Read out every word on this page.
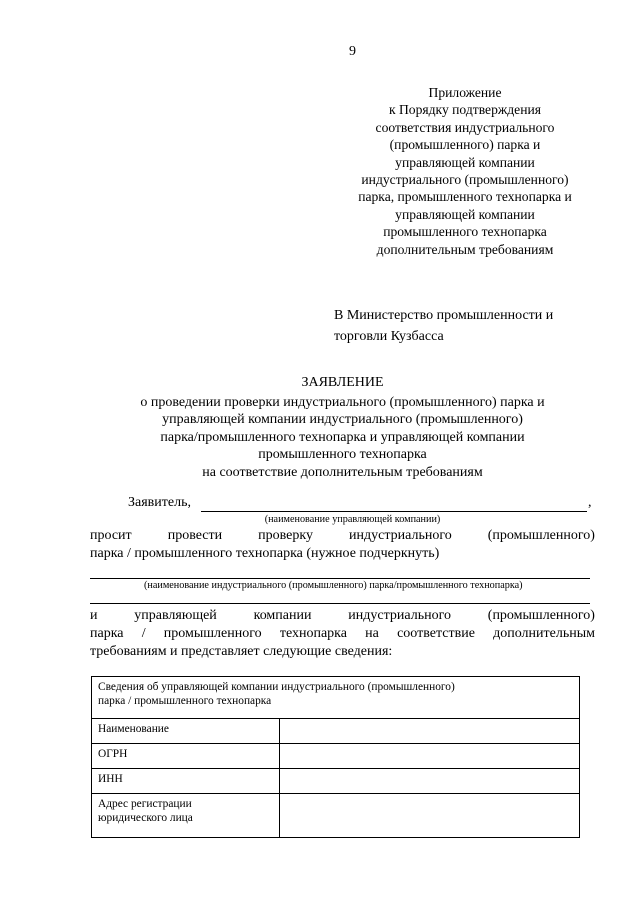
9
Приложение
к Порядку подтверждения
соответствия индустриального
(промышленного) парка и
управляющей компании
индустриального (промышленного)
парка, промышленного технопарка и
управляющей компании
промышленного технопарка
дополнительным требованиям
В Министерство промышленности и
торговли Кузбасса
ЗАЯВЛЕНИЕ
о проведении проверки индустриального (промышленного) парка и
управляющей компании индустриального (промышленного)
парка/промышленного технопарка и управляющей компании
промышленного технопарка
на соответствие дополнительным требованиям
Заявитель,	,
(наименование управляющей компании)
просит	провести	проверку	индустриального	(промышленного)
парка / промышленного технопарка (нужное подчеркнуть)
(наименование индустриального (промышленного) парка/промышленного технопарка)
и	управляющей	компании	индустриального	(промышленного)
парка / промышленного технопарка на соответствие дополнительным
требованиям и представляет следующие сведения:
Сведения об управляющей компании индустриального (промышленного)
парка / промышленного технопарка	

Наименование	
ОГРН	
ИНН	

Адрес регистрации
юридического лица	
